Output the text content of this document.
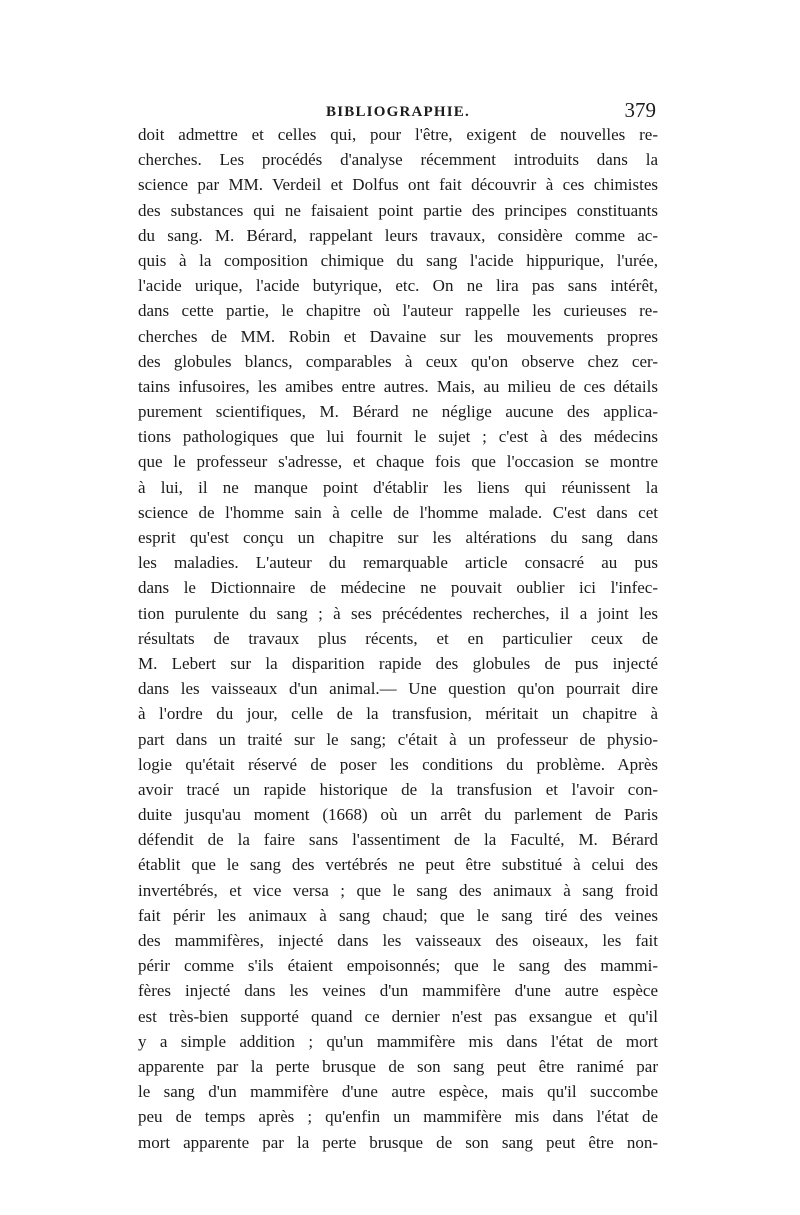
BIBLIOGRAPHIE.	379
doit admettre et celles qui, pour l'être, exigent de nouvelles re-
cherches. Les procédés d'analyse récemment introduits dans la
science par MM. Verdeil et Dolfus ont fait découvrir à ces chimistes
des substances qui ne faisaient point partie des principes constituants
du sang. M. Bérard, rappelant leurs travaux, considère comme ac-
quis à la composition chimique du sang l'acide hippurique, l'urée,
l'acide urique, l'acide butyrique, etc. On ne lira pas sans intérêt,
dans cette partie, le chapitre où l'auteur rappelle les curieuses re-
cherches de MM. Robin et Davaine sur les mouvements propres
des globules blancs, comparables à ceux qu'on observe chez cer-
tains infusoires, les amibes entre autres. Mais, au milieu de ces détails
purement scientifiques, M. Bérard ne néglige aucune des applica-
tions pathologiques que lui fournit le sujet ; c'est à des médecins
que le professeur s'adresse, et chaque fois que l'occasion se montre
à lui, il ne manque point d'établir les liens qui réunissent la
science de l'homme sain à celle de l'homme malade. C'est dans cet
esprit qu'est conçu un chapitre sur les altérations du sang dans
les maladies. L'auteur du remarquable article consacré au pus
dans le Dictionnaire de médecine ne pouvait oublier ici l'infec-
tion purulente du sang ; à ses précédentes recherches, il a joint les
résultats de travaux plus récents, et en particulier ceux de
M. Lebert sur la disparition rapide des globules de pus injecté
dans les vaisseaux d'un animal.— Une question qu'on pourrait dire
à l'ordre du jour, celle de la transfusion, méritait un chapitre à
part dans un traité sur le sang; c'était à un professeur de physio-
logie qu'était réservé de poser les conditions du problème. Après
avoir tracé un rapide historique de la transfusion et l'avoir con-
duite jusqu'au moment (1668) où un arrêt du parlement de Paris
défendit de la faire sans l'assentiment de la Faculté, M. Bérard
établit que le sang des vertébrés ne peut être substitué à celui des
invertébrés, et vice versa ; que le sang des animaux à sang froid
fait périr les animaux à sang chaud; que le sang tiré des veines
des mammifères, injecté dans les vaisseaux des oiseaux, les fait
périr comme s'ils étaient empoisonnés; que le sang des mammi-
fères injecté dans les veines d'un mammifère d'une autre espèce
est très-bien supporté quand ce dernier n'est pas exsangue et qu'il
y a simple addition ; qu'un mammifère mis dans l'état de mort
apparente par la perte brusque de son sang peut être ranimé par
le sang d'un mammifère d'une autre espèce, mais qu'il succombe
peu de temps après ; qu'enfin un mammifère mis dans l'état de
mort apparente par la perte brusque de son sang peut être non-
